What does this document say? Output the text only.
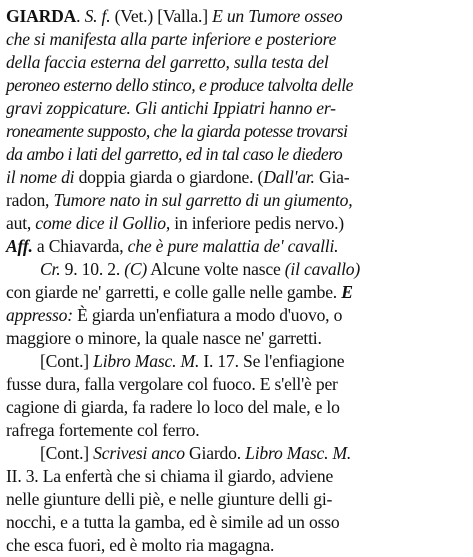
GIARDA. S. f. (Vet.) [Valla.] E un Tumore osseo
che si manifesta alla parte inferiore e posteriore
della faccia esterna del garretto, sulla testa del
peroneo esterno dello stinco, e produce talvolta delle
gravi zoppicature. Gli antichi Ippiatri hanno er-
roneamente supposto, che la giarda potesse trovarsi
da ambo i lati del garretto, ed in tal caso le diedero
il nome di doppia giarda o giardone. (Dall'ar. Gia-
radon, Tumore nato in sul garretto di un giumento,
aut, come dice il Gollio, in inferiore pedis nervo.)
Aff. a Chiavarda, che è pure malattia de' cavalli.
Cr. 9. 10. 2. (C) Alcune volte nasce (il cavallo)
con giarde ne' garretti, e colle galle nelle gambe. E
appresso: È giarda un'enfiatura a modo d'uovo, o
maggiore o minore, la quale nasce ne' garretti.
[Cont.] Libro Masc. M. I. 17. Se l'enfiagione
fusse dura, falla vergolare col fuoco. E s'ell'è per
cagione di giarda, fa radere lo loco del male, e lo
rafrega fortemente col ferro.
[Cont.] Scrivesi anco Giardo. Libro Masc. M.
II. 3. La enfertà che si chiama il giardo, adviene
nelle giunture delli piè, e nelle giunture delli gi-
nocchi, e a tutta la gamba, ed è simile ad un osso
che esca fuori, ed è molto ria magagna.
